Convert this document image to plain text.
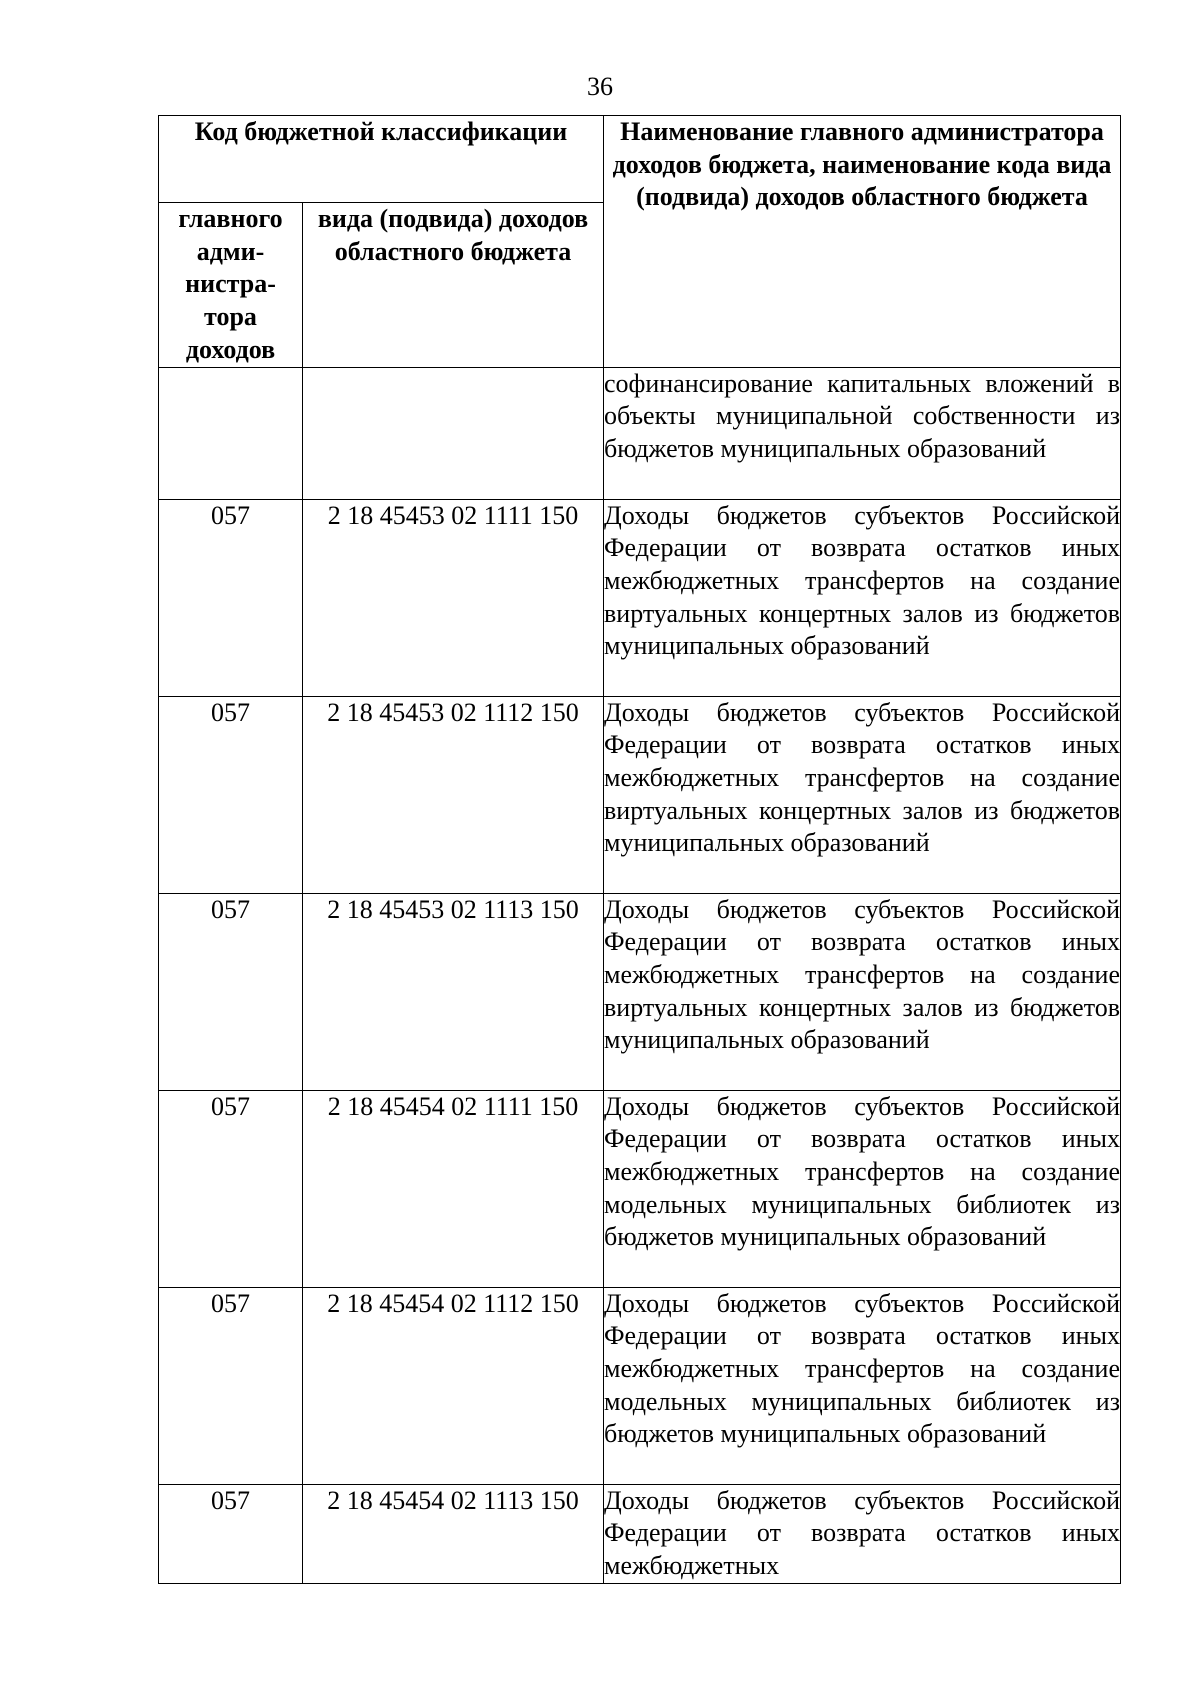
36
Код бюджетной классификации		Наименование главного администратора доходов бюджета, наименование кода вида (подвида) доходов областного бюджета
главного адми-
нистра-
тора доходов	вида (подвида) доходов областного бюджета	
		софинансирование капитальных вложений в объекты муниципальной собственности из бюджетов муниципальных образований
057	2 18 45453 02 1111 150	Доходы бюджетов субъектов Российской Федерации от возврата остатков иных межбюджетных трансфертов на создание виртуальных концертных залов из бюджетов муниципальных образований
057	2 18 45453 02 1112 150	Доходы бюджетов субъектов Российской Федерации от возврата остатков иных межбюджетных трансфертов на создание виртуальных концертных залов из бюджетов муниципальных образований
057	2 18 45453 02 1113 150	Доходы бюджетов субъектов Российской Федерации от возврата остатков иных межбюджетных трансфертов на создание виртуальных концертных залов из бюджетов муниципальных образований
057	2 18 45454 02 1111 150	Доходы бюджетов субъектов Российской Федерации от возврата остатков иных межбюджетных трансфертов на создание модельных муниципальных библиотек из бюджетов муниципальных образований
057	2 18 45454 02 1112 150	Доходы бюджетов субъектов Российской Федерации от возврата остатков иных межбюджетных трансфертов на создание модельных муниципальных библиотек из бюджетов муниципальных образований
057	2 18 45454 02 1113 150	Доходы бюджетов субъектов Российской Федерации от возврата остатков иных межбюджетных
